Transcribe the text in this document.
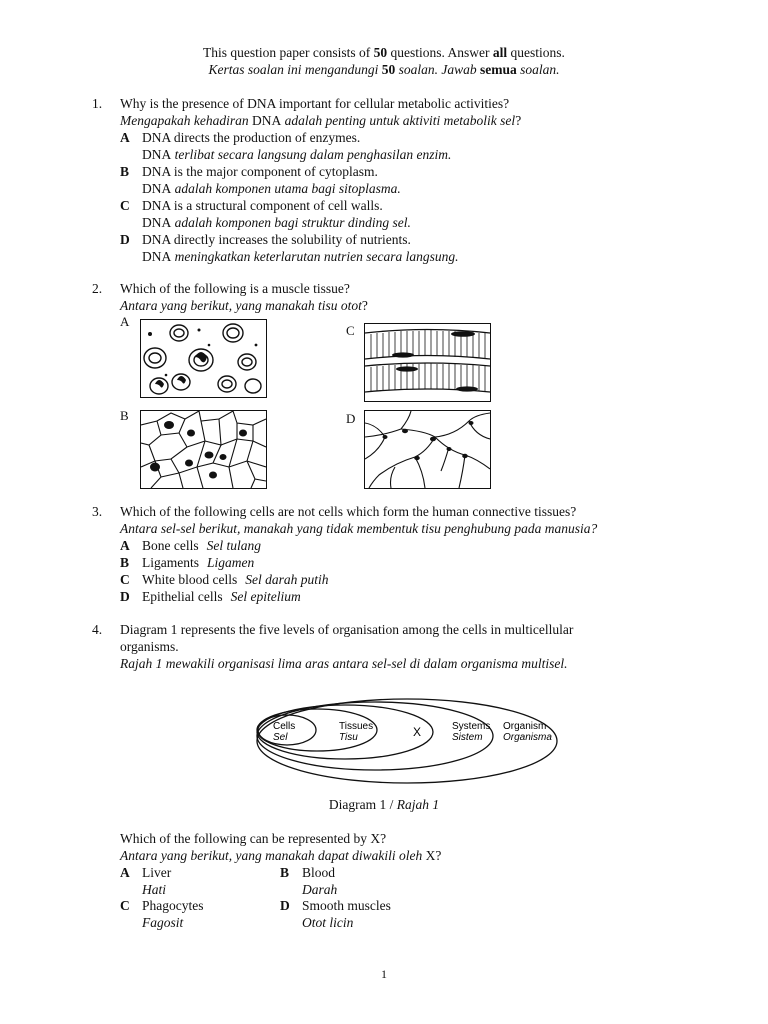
This question paper consists of 50 questions. Answer all questions.
Kertas soalan ini mengandungi 50 soalan. Jawab semua soalan.
1.	Why is the presence of DNA important for cellular metabolic activities?
Mengapakah kehadiran DNA adalah penting untuk aktiviti metabolik sel?
A DNA directs the production of enzymes.
DNA terlibat secara langsung dalam penghasilan enzim.
B DNA is the major component of cytoplasm.
DNA adalah komponen utama bagi sitoplasma.
C DNA is a structural component of cell walls.
DNA adalah komponen bagi struktur dinding sel.
D DNA directly increases the solubility of nutrients.
DNA meningkatkan keterlarutan nutrien secara langsung.
2.	Which of the following is a muscle tissue?
Antara yang berikut, yang manakah tisu otot?
A
C
B	D
3.	Which of the following cells are not cells which form the human connective tissues?
Antara sel-sel berikut, manakah yang tidak membentuk tisu penghubung pada manusia?
A Bone cells Sel tulang
B Ligaments Ligamen
C White blood cells Sel darah putih
D Epithelial cells Sel epitelium
4.	Diagram 1 represents the five levels of organisation among the cells in multicellular
organisms.
Rajah 1 mewakili organisasi lima aras antara sel-sel di dalam organisma multisel.
Cells
Sel
Tissues
Tisu	X	Systems
Sistem
Organism
Organisma
Diagram 1 / Rajah 1
Which of the following can be represented by X?
Antara yang berikut, yang manakah dapat diwakili oleh X?
A Liver
Hati
B Blood
Darah
C Phagocytes
Fagosit
D Smooth muscles
Otot licin
1
